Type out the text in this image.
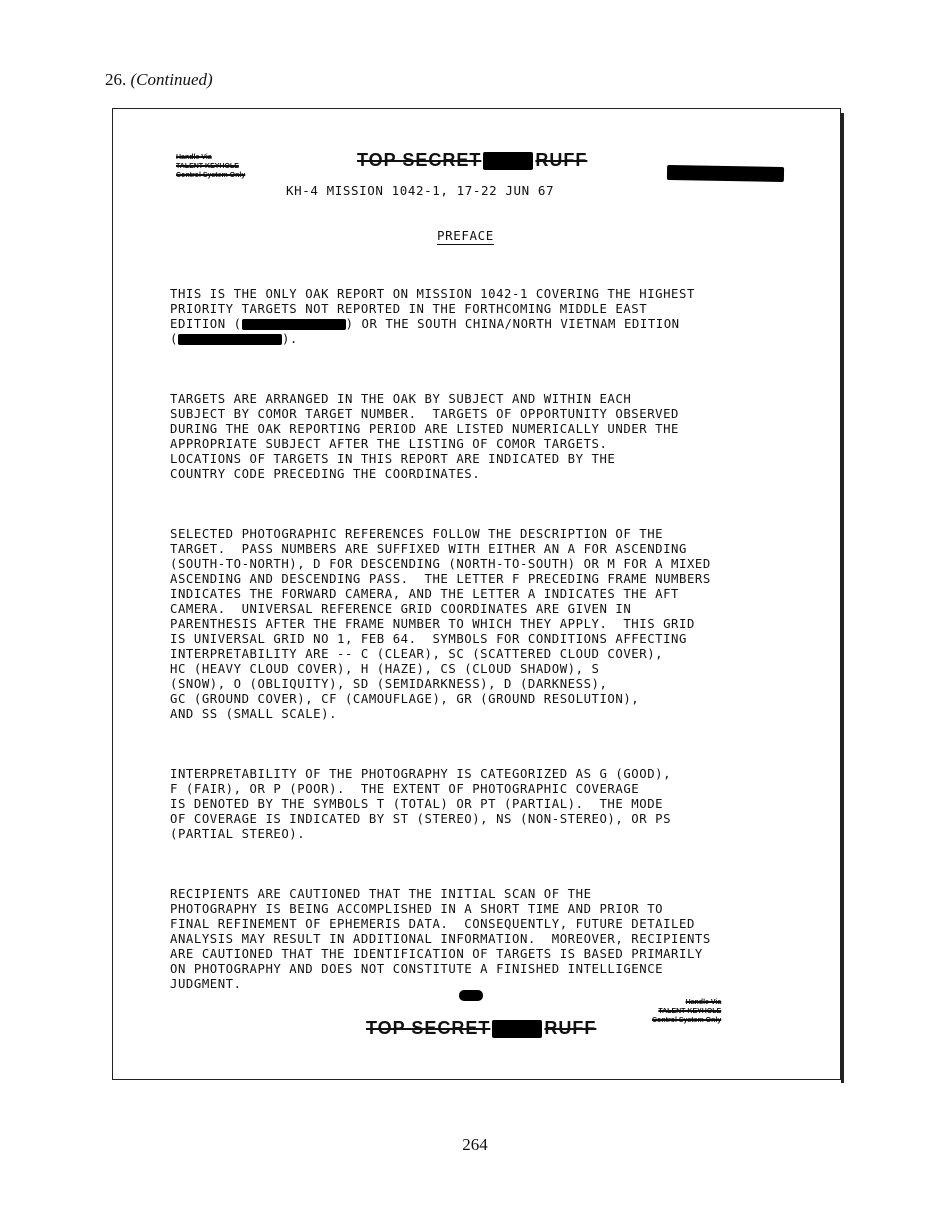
26. (Continued)
Handle Via
TALENT-KEYHOLE
Control System Only
TOP SECRET	RUFF
KH-4 MISSION 1042-1, 17-22 JUN 67
PREFACE

THIS IS THE ONLY OAK REPORT ON MISSION 1042-1 COVERING THE HIGHEST
PRIORITY TARGETS NOT REPORTED IN THE FORTHCOMING MIDDLE EAST
EDITION (	) OR THE SOUTH CHINA/NORTH VIETNAM EDITION
(	).

TARGETS ARE ARRANGED IN THE OAK BY SUBJECT AND WITHIN EACH
SUBJECT BY COMOR TARGET NUMBER.  TARGETS OF OPPORTUNITY OBSERVED
DURING THE OAK REPORTING PERIOD ARE LISTED NUMERICALLY UNDER THE
APPROPRIATE SUBJECT AFTER THE LISTING OF COMOR TARGETS.
LOCATIONS OF TARGETS IN THIS REPORT ARE INDICATED BY THE
COUNTRY CODE PRECEDING THE COORDINATES.

SELECTED PHOTOGRAPHIC REFERENCES FOLLOW THE DESCRIPTION OF THE
TARGET.  PASS NUMBERS ARE SUFFIXED WITH EITHER AN A FOR ASCENDING
(SOUTH-TO-NORTH), D FOR DESCENDING (NORTH-TO-SOUTH) OR M FOR A MIXED
ASCENDING AND DESCENDING PASS.  THE LETTER F PRECEDING FRAME NUMBERS
INDICATES THE FORWARD CAMERA, AND THE LETTER A INDICATES THE AFT
CAMERA.  UNIVERSAL REFERENCE GRID COORDINATES ARE GIVEN IN
PARENTHESIS AFTER THE FRAME NUMBER TO WHICH THEY APPLY.  THIS GRID
IS UNIVERSAL GRID NO 1, FEB 64.  SYMBOLS FOR CONDITIONS AFFECTING
INTERPRETABILITY ARE -- C (CLEAR), SC (SCATTERED CLOUD COVER),
HC (HEAVY CLOUD COVER), H (HAZE), CS (CLOUD SHADOW), S
(SNOW), O (OBLIQUITY), SD (SEMIDARKNESS), D (DARKNESS),
GC (GROUND COVER), CF (CAMOUFLAGE), GR (GROUND RESOLUTION),
AND SS (SMALL SCALE).

INTERPRETABILITY OF THE PHOTOGRAPHY IS CATEGORIZED AS G (GOOD),
F (FAIR), OR P (POOR).  THE EXTENT OF PHOTOGRAPHIC COVERAGE
IS DENOTED BY THE SYMBOLS T (TOTAL) OR PT (PARTIAL).  THE MODE
OF COVERAGE IS INDICATED BY ST (STEREO), NS (NON-STEREO), OR PS
(PARTIAL STEREO).

RECIPIENTS ARE CAUTIONED THAT THE INITIAL SCAN OF THE
PHOTOGRAPHY IS BEING ACCOMPLISHED IN A SHORT TIME AND PRIOR TO
FINAL REFINEMENT OF EPHEMERIS DATA.  CONSEQUENTLY, FUTURE DETAILED
ANALYSIS MAY RESULT IN ADDITIONAL INFORMATION.  MOREOVER, RECIPIENTS
ARE CAUTIONED THAT THE IDENTIFICATION OF TARGETS IS BASED PRIMARILY
ON PHOTOGRAPHY AND DOES NOT CONSTITUTE A FINISHED INTELLIGENCE
JUDGMENT.

TOP SECRET	RUFF
Handle Via
TALENT-KEYHOLE
Control System Only
264
